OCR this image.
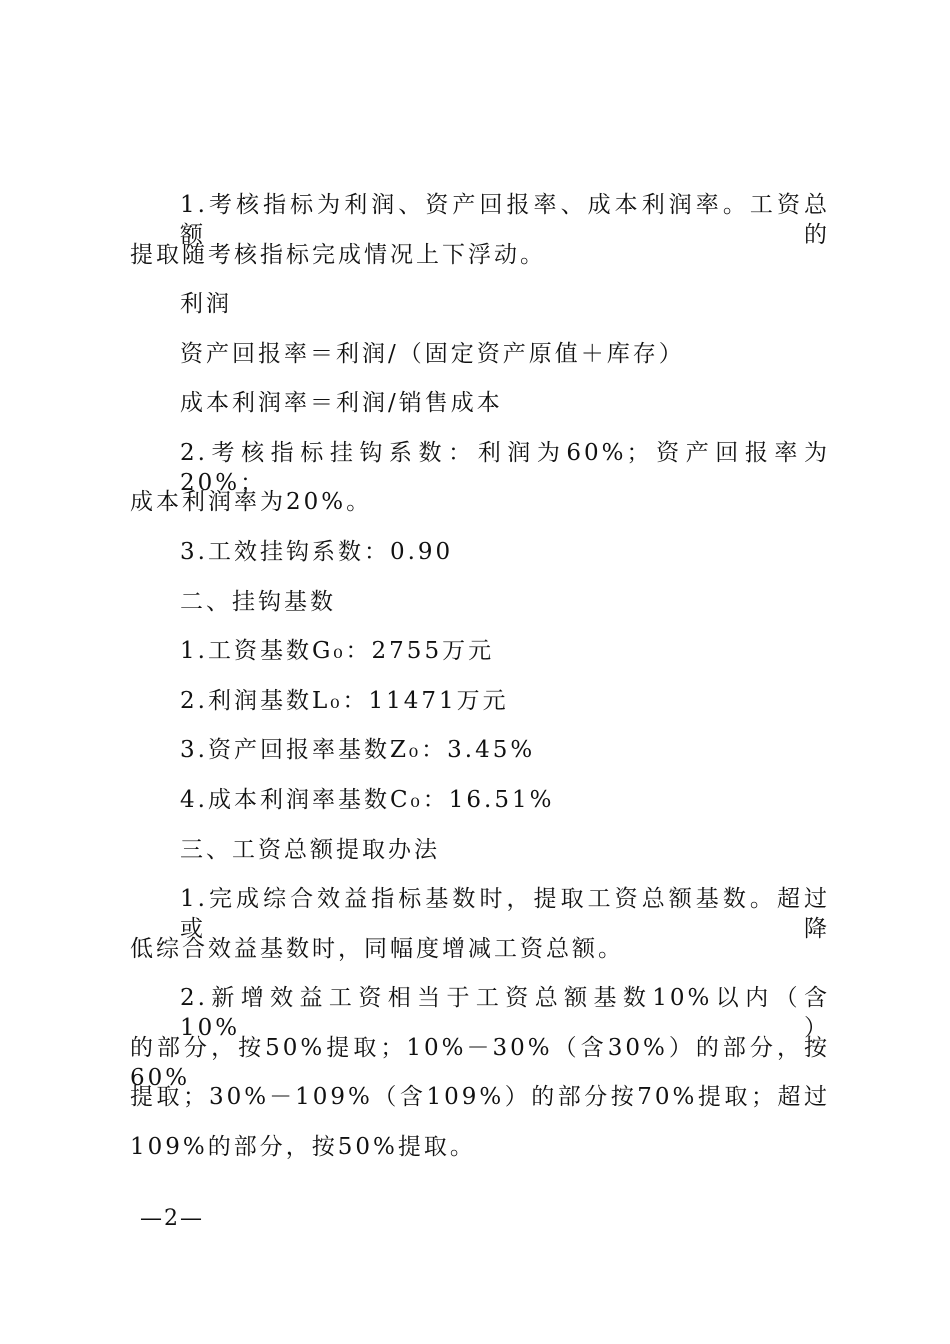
1.考核指标为利润、资产回报率、成本利润率。工资总额的
提取随考核指标完成情况上下浮动。
利润
资产回报率＝利润/（固定资产原值＋库存）
成本利润率＝利润/销售成本
2.考核指标挂钩系数：利润为60%；资产回报率为20%；
成本利润率为20%。
3.工效挂钩系数：0.90
二、挂钩基数
1.工资基数G₀：2755万元
2.利润基数L₀：11471万元
3.资产回报率基数Z₀：3.45%
4.成本利润率基数C₀：16.51%
三、工资总额提取办法
1.完成综合效益指标基数时，提取工资总额基数。超过或降
低综合效益基数时，同幅度增减工资总额。
2.新增效益工资相当于工资总额基数10%以内（含10%）
的部分，按50%提取；10%－30%（含30%）的部分，按60%
提取；30%－109%（含109%）的部分按70%提取；超过
109%的部分，按50%提取。
—2—
